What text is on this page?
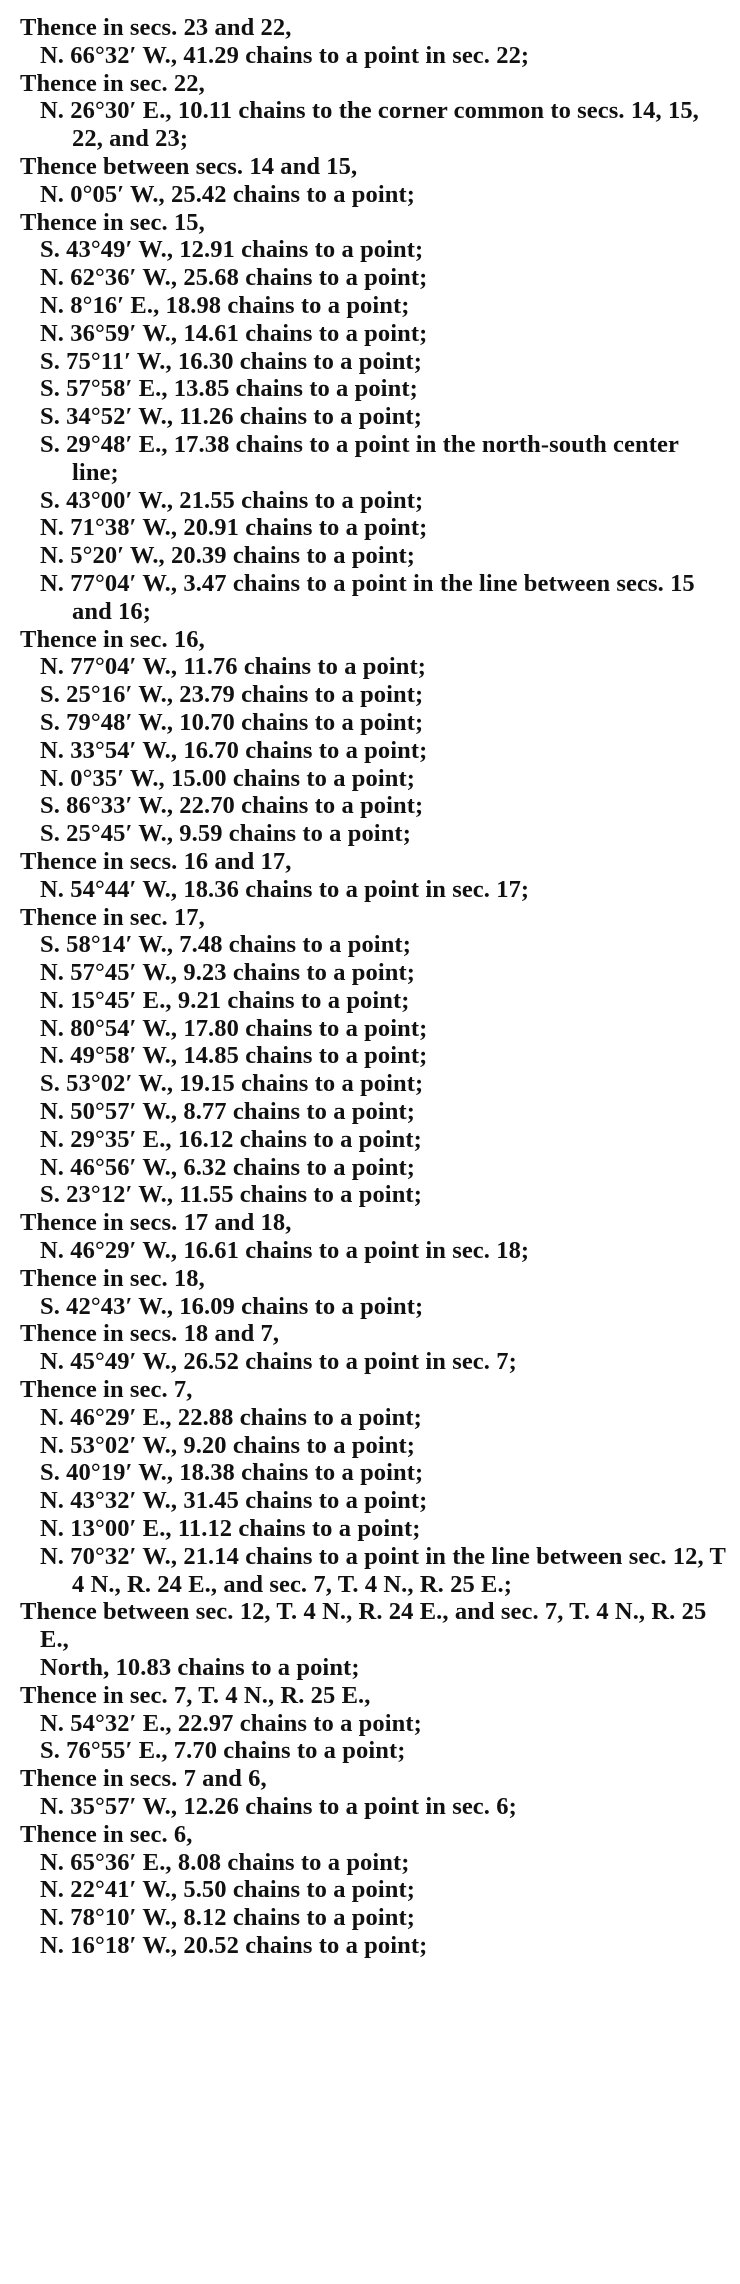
Thence in secs. 23 and 22,

N. 66°32′ W., 41.29 chains to a point in sec. 22;

Thence in sec. 22,

N. 26°30′ E., 10.11 chains to the corner common to secs. 14, 15, 22, and 23;

Thence between secs. 14 and 15,

N. 0°05′ W., 25.42 chains to a point;

Thence in sec. 15,

S. 43°49′ W., 12.91 chains to a point;

N. 62°36′ W., 25.68 chains to a point;

N. 8°16′ E., 18.98 chains to a point;

N. 36°59′ W., 14.61 chains to a point;

S. 75°11′ W., 16.30 chains to a point;

S. 57°58′ E., 13.85 chains to a point;

S. 34°52′ W., 11.26 chains to a point;

S. 29°48′ E., 17.38 chains to a point in the north-south center line;

S. 43°00′ W., 21.55 chains to a point;

N. 71°38′ W., 20.91 chains to a point;

N. 5°20′ W., 20.39 chains to a point;

N. 77°04′ W., 3.47 chains to a point in the line between secs. 15 and 16;

Thence in sec. 16,

N. 77°04′ W., 11.76 chains to a point;

S. 25°16′ W., 23.79 chains to a point;

S. 79°48′ W., 10.70 chains to a point;

N. 33°54′ W., 16.70 chains to a point;

N. 0°35′ W., 15.00 chains to a point;

S. 86°33′ W., 22.70 chains to a point;

S. 25°45′ W., 9.59 chains to a point;

Thence in secs. 16 and 17,

N. 54°44′ W., 18.36 chains to a point in sec. 17;

Thence in sec. 17,

S. 58°14′ W., 7.48 chains to a point;

N. 57°45′ W., 9.23 chains to a point;

N. 15°45′ E., 9.21 chains to a point;

N. 80°54′ W., 17.80 chains to a point;

N. 49°58′ W., 14.85 chains to a point;

S. 53°02′ W., 19.15 chains to a point;

N. 50°57′ W., 8.77 chains to a point;

N. 29°35′ E., 16.12 chains to a point;

N. 46°56′ W., 6.32 chains to a point;

S. 23°12′ W., 11.55 chains to a point;

Thence in secs. 17 and 18,

N. 46°29′ W., 16.61 chains to a point in sec. 18;

Thence in sec. 18,

S. 42°43′ W., 16.09 chains to a point;

Thence in secs. 18 and 7,

N. 45°49′ W., 26.52 chains to a point in sec. 7;

Thence in sec. 7,

N. 46°29′ E., 22.88 chains to a point;

N. 53°02′ W., 9.20 chains to a point;

S. 40°19′ W., 18.38 chains to a point;

N. 43°32′ W., 31.45 chains to a point;

N. 13°00′ E., 11.12 chains to a point;

N. 70°32′ W., 21.14 chains to a point in the line between sec. 12, T 4 N., R. 24 E., and sec. 7, T. 4 N., R. 25 E.;

Thence between sec. 12, T. 4 N., R. 24 E., and sec. 7, T. 4 N., R. 25 E.,

North, 10.83 chains to a point;

Thence in sec. 7, T. 4 N., R. 25 E.,

N. 54°32′ E., 22.97 chains to a point;

S. 76°55′ E., 7.70 chains to a point;

Thence in secs. 7 and 6,

N. 35°57′ W., 12.26 chains to a point in sec. 6;

Thence in sec. 6,

N. 65°36′ E., 8.08 chains to a point;

N. 22°41′ W., 5.50 chains to a point;

N. 78°10′ W., 8.12 chains to a point;

N. 16°18′ W., 20.52 chains to a point;
